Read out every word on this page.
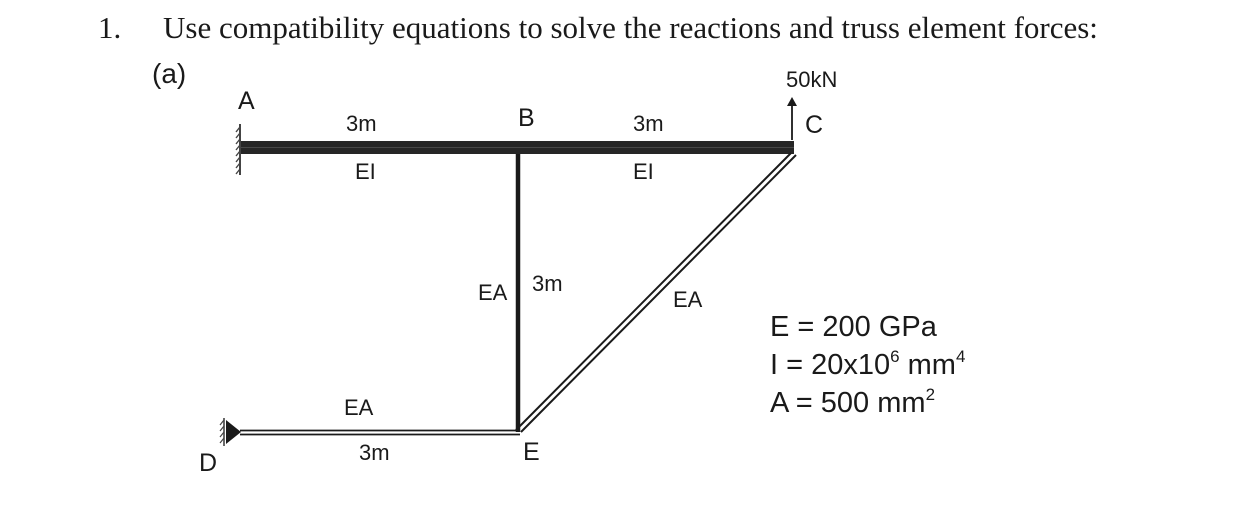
1. Use compatibility equations to solve the reactions and truss element forces:
(a)	50kN
A
B	C
D	E
3m
EI
3m
EI
EA 3m
EA
EA
3m
E = 200 GPa
$I = 20x10^6$ $mm^4$
A = 500 $mm^2$
